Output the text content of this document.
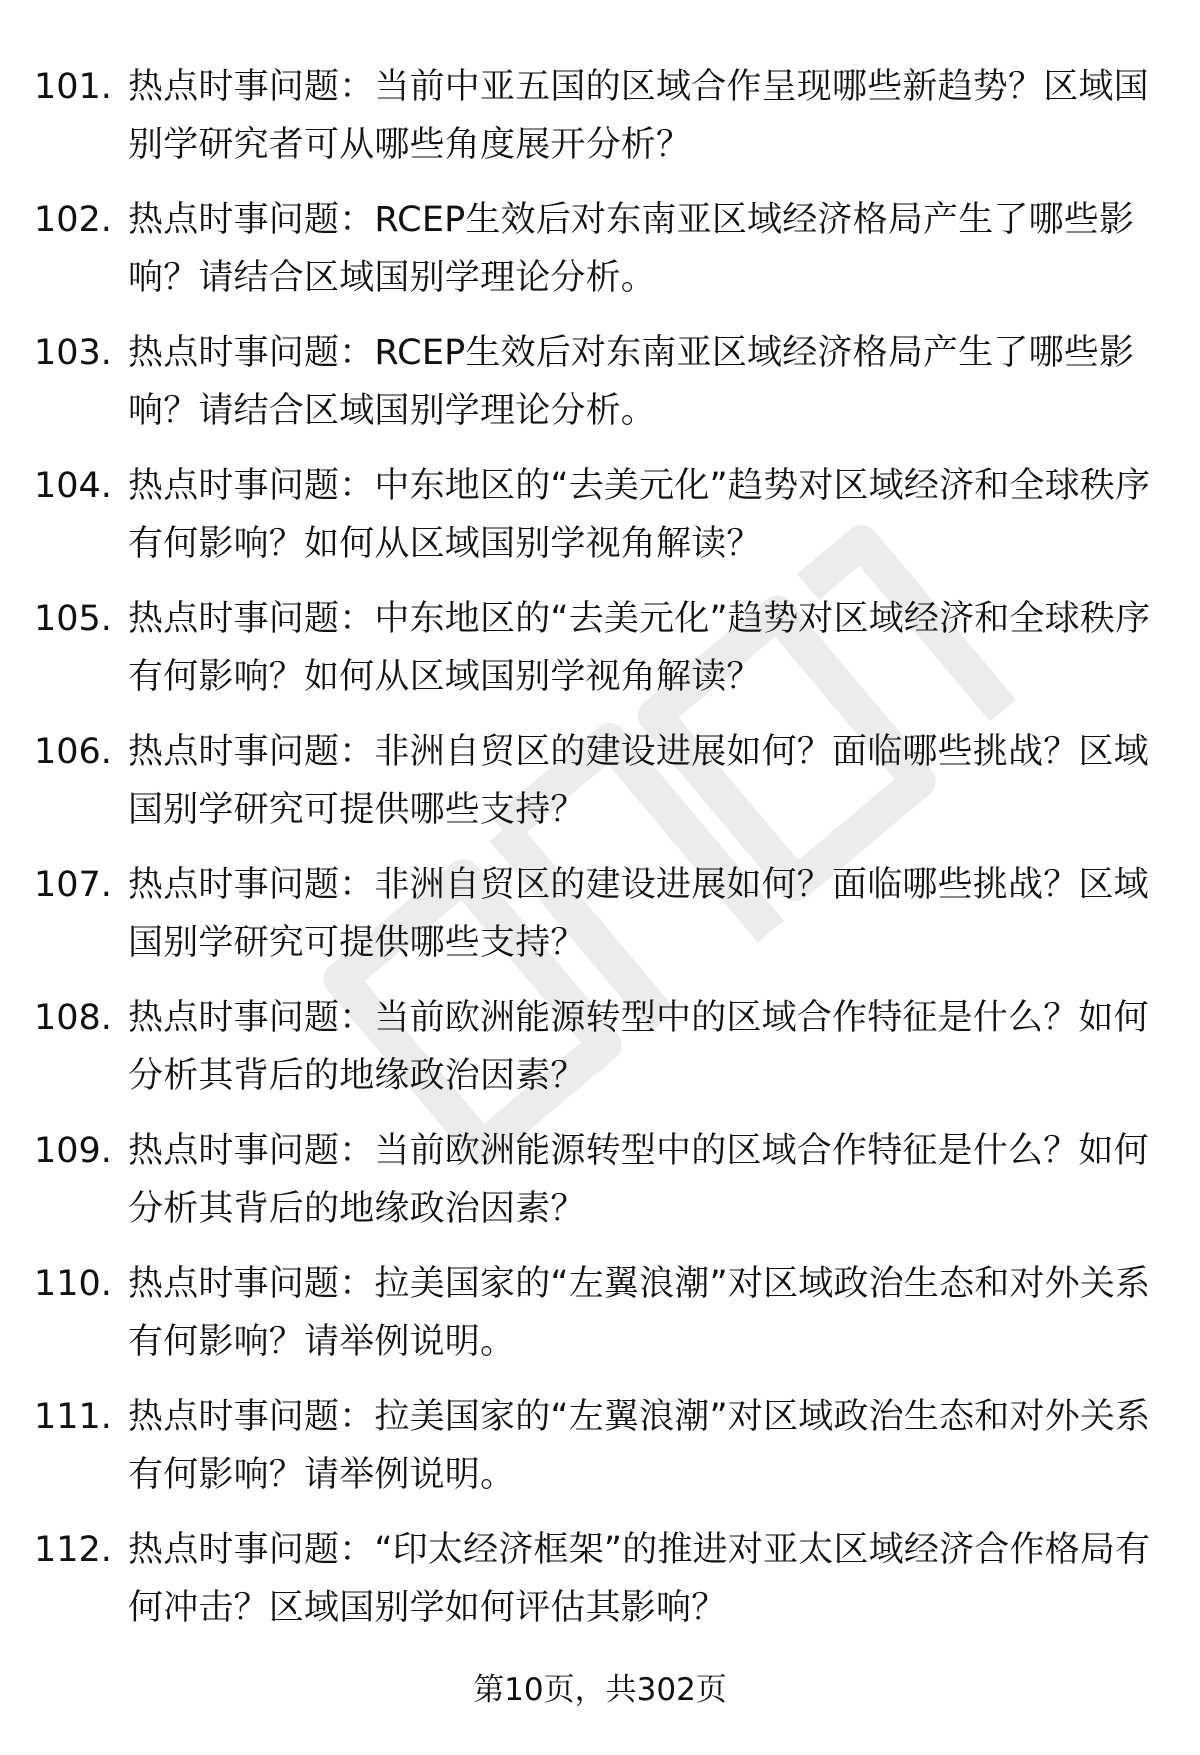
101. 热点时事问题：当前中亚五国的区域合作呈现哪些新趋势？区域国别学研究者可从哪些角度展开分析？
102. 热点时事问题：RCEP生效后对东南亚区域经济格局产生了哪些影响？请结合区域国别学理论分析。
103. 热点时事问题：RCEP生效后对东南亚区域经济格局产生了哪些影响？请结合区域国别学理论分析。
104. 热点时事问题：中东地区的“去美元化”趋势对区域经济和全球秩序有何影响？如何从区域国别学视角解读？
105. 热点时事问题：中东地区的“去美元化”趋势对区域经济和全球秩序有何影响？如何从区域国别学视角解读？
106. 热点时事问题：非洲自贸区的建设进展如何？面临哪些挑战？区域国别学研究可提供哪些支持？
107. 热点时事问题：非洲自贸区的建设进展如何？面临哪些挑战？区域国别学研究可提供哪些支持？
108. 热点时事问题：当前欧洲能源转型中的区域合作特征是什么？如何分析其背后的地缘政治因素？
109. 热点时事问题：当前欧洲能源转型中的区域合作特征是什么？如何分析其背后的地缘政治因素？
110. 热点时事问题：拉美国家的“左翼浪潮”对区域政治生态和对外关系有何影响？请举例说明。
111. 热点时事问题：拉美国家的“左翼浪潮”对区域政治生态和对外关系有何影响？请举例说明。
112. 热点时事问题：“印太经济框架”的推进对亚太区域经济合作格局有何冲击？区域国别学如何评估其影响？
第10页，共302页
